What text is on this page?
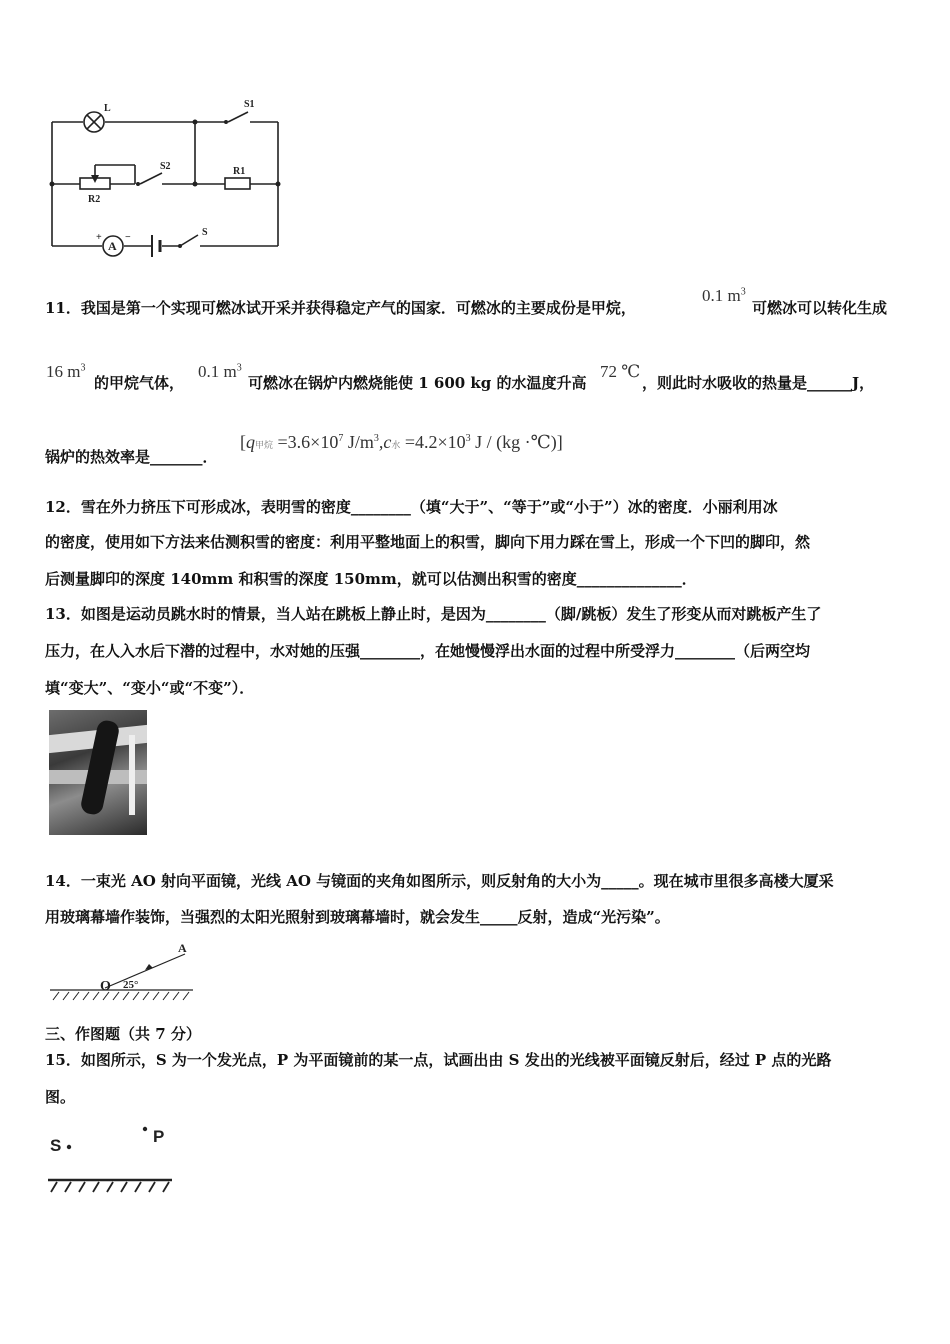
L	S1
S2	R1
R2
A
S
+ −
11．我国是第一个实现可燃冰试开采并获得稳定产气的国家．可燃冰的主要成份是甲烷，
0.1 $m^3$
可燃冰可以转化生成
16 $m^3$
的甲烷气体，
0.1 $m^3$
可燃冰在锅炉内燃烧能使 1 600 kg 的水温度升高
72 ℃
，则此时水吸收的热量是______J，
锅炉的热效率是_______．
[q甲烷 $=3.6\times 10^7$ $J/m^3,c$水 $=4.2\times 10^3$ J / (kg ·℃)]
12．雪在外力挤压下可形成冰，表明雪的密度________（填“大于”、“等于”或“小于”）冰的密度．小丽利用冰
的密度，使用如下方法来估测积雪的密度：利用平整地面上的积雪，脚向下用力踩在雪上，形成一个下凹的脚印，然
后测量脚印的深度 140mm 和积雪的深度 150mm，就可以估测出积雪的密度______________．
13．如图是运动员跳水时的情景，当人站在跳板上静止时，是因为________（脚/跳板）发生了形变从而对跳板产生了
压力，在人入水后下潜的过程中，水对她的压强________，在她慢慢浮出水面的过程中所受浮力________（后两空均
填“变大”、“变小“或“不变”）．
14．一束光 AO 射向平面镜，光线 AO 与镜面的夹角如图所示，则反射角的大小为_____。现在城市里很多高楼大厦采
用玻璃幕墙作装饰，当强烈的太阳光照射到玻璃幕墙时，就会发生_____反射，造成“光污染”。
A
O 25°
三、作图题（共 7 分）
15．如图所示，S 为一个发光点，P 为平面镜前的某一点，试画出由 S 发出的光线被平面镜反射后，经过 P 点的光路
图。
S	P
